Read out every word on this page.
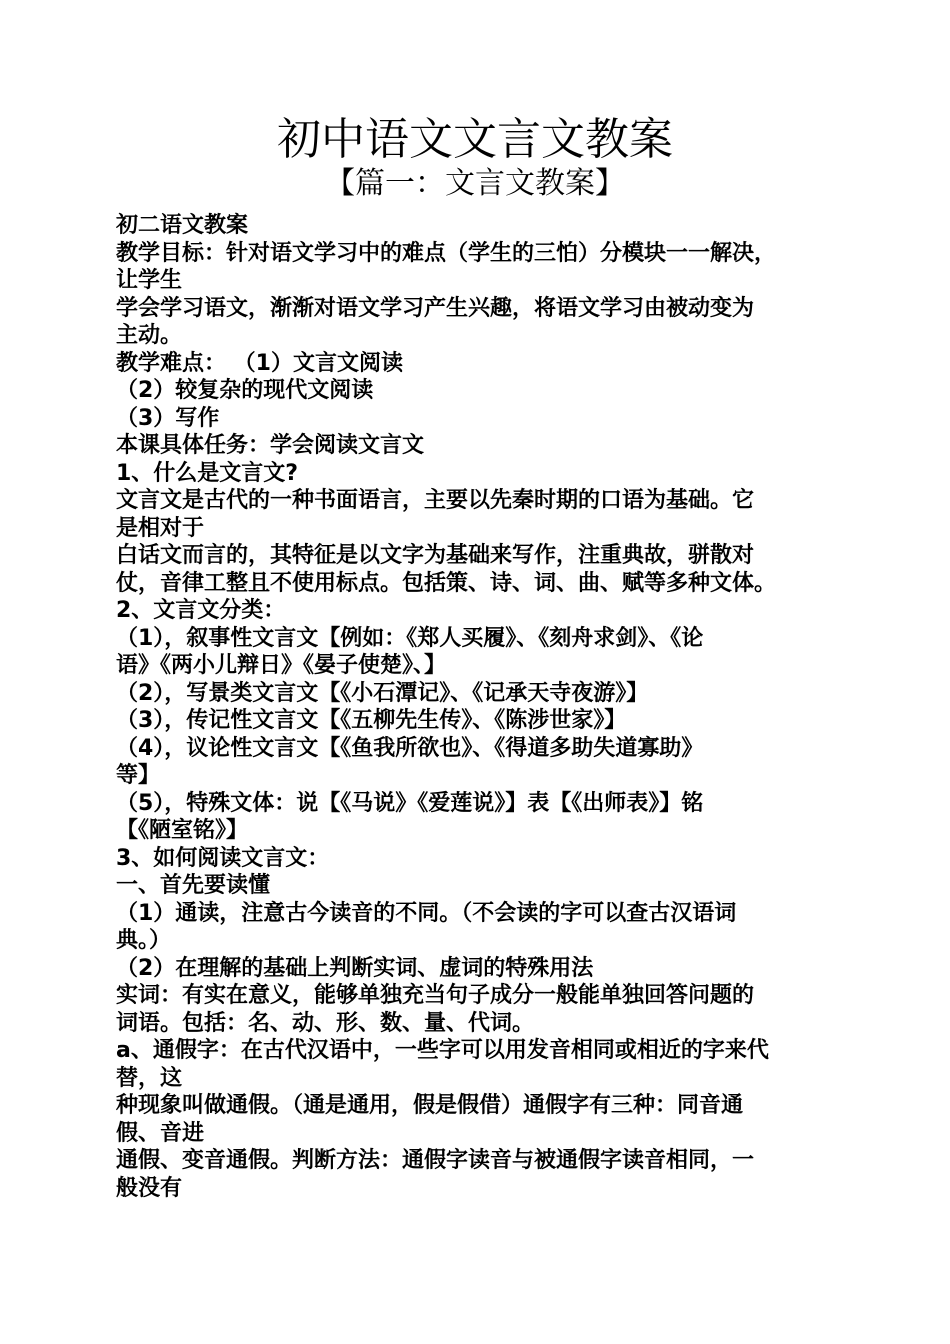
初中语文文言文教案
【篇一：文言文教案】
初二语文教案
教学目标：针对语文学习中的难点（学生的三怕）分模块一一解决，
让学生
学会学习语文，渐渐对语文学习产生兴趣，将语文学习由被动变为
主动。
教学难点： （1）文言文阅读
（2）较复杂的现代文阅读
（3）写作
本课具体任务：学会阅读文言文
1、什么是文言文?
文言文是古代的一种书面语言，主要以先秦时期的口语为基础。它
是相对于
白话文而言的，其特征是以文字为基础来写作，注重典故，骈散对
仗，音律工整且不使用标点。包括策、诗、词、曲、赋等多种文体。
2、文言文分类：
（1），叙事性文言文【例如：《郑人买履》、《刻舟求剑》、《论
语》《两小儿辩日》《晏子使楚》、】
（2），写景类文言文【《小石潭记》、《记承天寺夜游》】
（3），传记性文言文【《五柳先生传》、《陈涉世家》】
（4），议论性文言文【《鱼我所欲也》、《得道多助失道寡助》
等】
（5），特殊文体：说【《马说》《爱莲说》】表【《出师表》】铭
【《陋室铭》】
3、如何阅读文言文：
一、首先要读懂
（1）通读，注意古今读音的不同。（不会读的字可以查古汉语词
典。）
（2）在理解的基础上判断实词、虚词的特殊用法
实词：有实在意义，能够单独充当句子成分一般能单独回答问题的
词语。包括：名、动、形、数、量、代词。
a、通假字：在古代汉语中，一些字可以用发音相同或相近的字来代
替，这
种现象叫做通假。（通是通用，假是假借）通假字有三种：同音通
假、音进
通假、变音通假。判断方法：通假字读音与被通假字读音相同，一
般没有
